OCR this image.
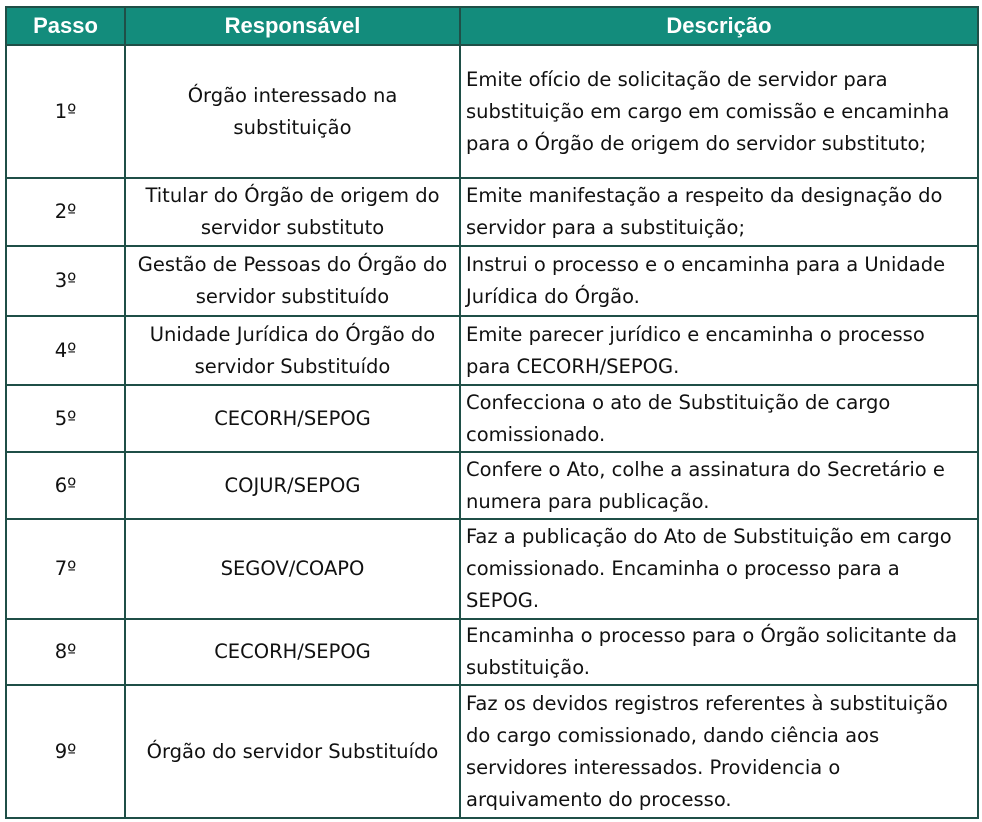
Passo	Responsável	Descrição
1º	Órgão interessado na substituição	Emite ofício de solicitação de servidor para substituição em cargo em comissão e encaminha para o Órgão de origem do servidor substituto;
2º	Titular do Órgão de origem do servidor substituto	Emite manifestação a respeito da designação do servidor para a substituição;
3º	Gestão de Pessoas do Órgão do servidor substituído	Instrui o processo e o encaminha para a Unidade Jurídica do Órgão.
4º	Unidade Jurídica do Órgão do servidor Substituído	Emite parecer jurídico e encaminha o processo para CECORH/SEPOG.
5º	CECORH/SEPOG	Confecciona o ato de Substituição de cargo comissionado.
6º	COJUR/SEPOG	Confere o Ato, colhe a assinatura do Secretário e numera para publicação.
7º	SEGOV/COAPO	Faz a publicação do Ato de Substituição em cargo comissionado. Encaminha o processo para a SEPOG.
8º	CECORH/SEPOG	Encaminha o processo para o Órgão solicitante da substituição.
9º	Órgão do servidor Substituído	Faz os devidos registros referentes à substituição do cargo comissionado, dando ciência aos servidores interessados. Providencia o arquivamento do processo.
